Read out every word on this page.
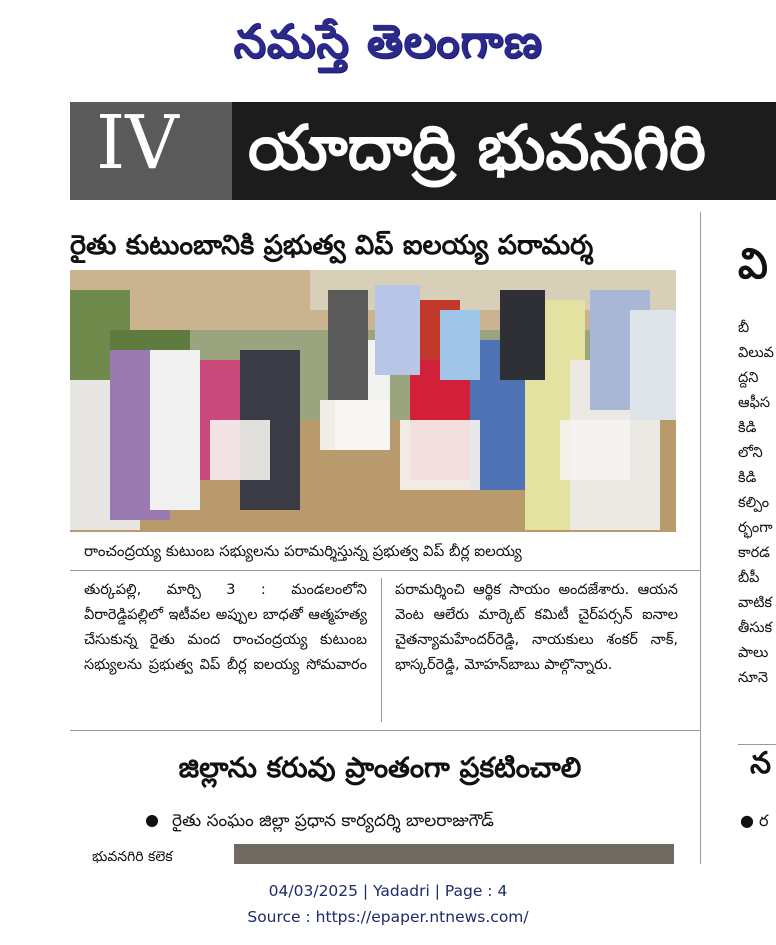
నమస్తే తెలంగాణ
IV	యాదాద్రి భువనగిరి
రైతు కుటుంబానికి ప్రభుత్వ విప్ ఐలయ్య పరామర్శ
రాంచంద్రయ్య కుటుంబ సభ్యులను పరామర్శిస్తున్న ప్రభుత్వ విప్ బీర్ల ఐలయ్య
తుర్కపల్లి, మార్చి 3 : మండలంలోని వీరారెడ్డిపల్లిలో ఇటీవల అప్పుల బాధతో ఆత్మహత్య చేసుకున్న రైతు మంద రాంచంద్రయ్య కుటుంబ సభ్యులను ప్రభుత్వ విప్ బీర్ల ఐలయ్య సోమవారం పరామర్శించి ఆర్థిక సాయం అందజేశారు. ఆయన వెంట ఆలేరు మార్కెట్ కమిటీ చైర్‌పర్సన్ ఐనాల చైతన్యామహేందర్‌రెడ్డి, నాయకులు శంకర్ నాక్, భాస్కర్‌రెడ్డి, మోహన్‌బాబు పాల్గొన్నారు.
జిల్లాను కరువు ప్రాంతంగా ప్రకటించాలి
రైతు సంఘం జిల్లా ప్రధాన కార్యదర్శి బాలరాజుగౌడ్
భువనగిరి కలెక
వి
బీ
విలువ
ద్దని
ఆఫీస
కిడి
లోని
కిడి
కల్పిం
ర్భంగా
కారడ
బీపీ
వాటిక
తీసుక
పాలు
నూనె
న
● ర
04/03/2025 | Yadadri | Page : 4
Source : https://epaper.ntnews.com/
